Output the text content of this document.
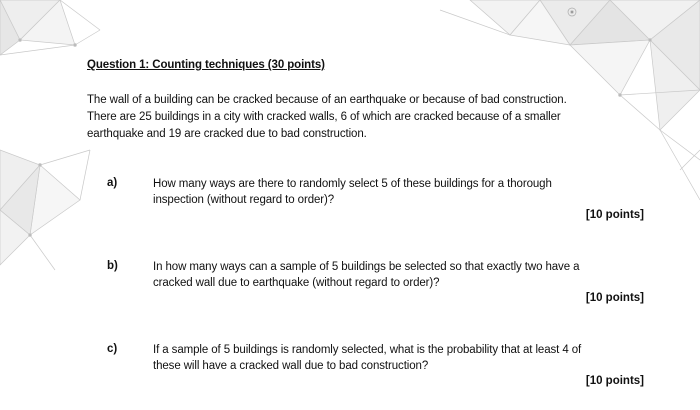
Question 1: Counting techniques (30 points)
The wall of a building can be cracked because of an earthquake or because of bad construction.
There are 25 buildings in a city with cracked walls, 6 of which are cracked because of a smaller
earthquake and 19 are cracked due to bad construction.
a)	How many ways are there to randomly select 5 of these buildings for a thorough
inspection (without regard to order)?
[10 points]
b)	In how many ways can a sample of 5 buildings be selected so that exactly two have a
cracked wall due to earthquake (without regard to order)?
[10 points]
c)	If a sample of 5 buildings is randomly selected, what is the probability that at least 4 of
these will have a cracked wall due to bad construction?
[10 points]
